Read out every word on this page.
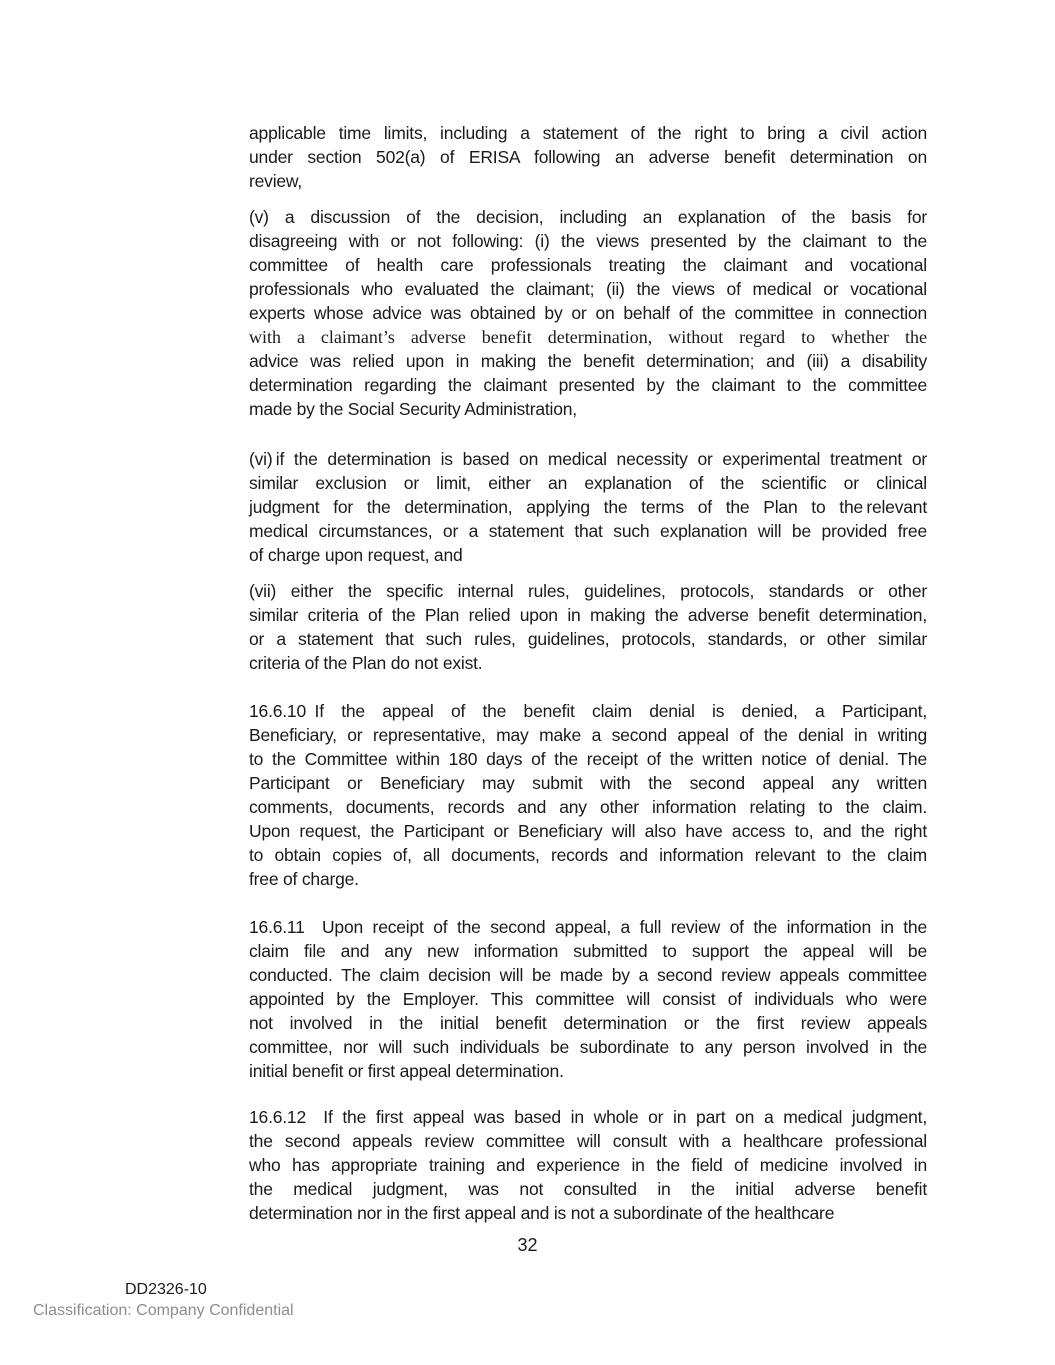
applicable time limits, including a statement of the right to bring a civil action
under section 502(a) of ERISA following an adverse benefit determination on
review,
(v) a discussion of the decision, including an explanation of the basis for
disagreeing with or not following: (i) the views presented by the claimant to the
committee of health care professionals treating the claimant and vocational
professionals who evaluated the claimant; (ii) the views of medical or vocational
experts whose advice was obtained by or on behalf of the committee in connection
with a claimant’s adverse benefit determination, without regard to whether the
advice was relied upon in making the benefit determination; and (iii) a disability
determination regarding the claimant presented by the claimant to the committee
made by the Social Security Administration,
(vi) if the determination is based on medical necessity or experimental treatment or
similar exclusion or limit, either an explanation of the scientific or clinical
judgment for the determination, applying the terms of the Plan to the relevant
medical circumstances, or a statement that such explanation will be provided free
of charge upon request, and
(vii) either the specific internal rules, guidelines, protocols, standards or other
similar criteria of the Plan relied upon in making the adverse benefit determination,
or a statement that such rules, guidelines, protocols, standards, or other similar
criteria of the Plan do not exist.
16.6.10 If the appeal of the benefit claim denial is denied, a Participant,
Beneficiary, or representative, may make a second appeal of the denial in writing
to the Committee within 180 days of the receipt of the written notice of denial. The
Participant or Beneficiary may submit with the second appeal any written
comments, documents, records and any other information relating to the claim.
Upon request, the Participant or Beneficiary will also have access to, and the right
to obtain copies of, all documents, records and information relevant to the claim
free of charge.
16.6.11 Upon receipt of the second appeal, a full review of the information in the
claim file and any new information submitted to support the appeal will be
conducted. The claim decision will be made by a second review appeals committee
appointed by the Employer. This committee will consist of individuals who were
not involved in the initial benefit determination or the first review appeals
committee, nor will such individuals be subordinate to any person involved in the
initial benefit or first appeal determination.
16.6.12 If the first appeal was based in whole or in part on a medical judgment,
the second appeals review committee will consult with a healthcare professional
who has appropriate training and experience in the field of medicine involved in
the medical judgment, was not consulted in the initial adverse benefit
determination nor in the first appeal and is not a subordinate of the healthcare
32
DD2326-10
Classification: Company Confidential
